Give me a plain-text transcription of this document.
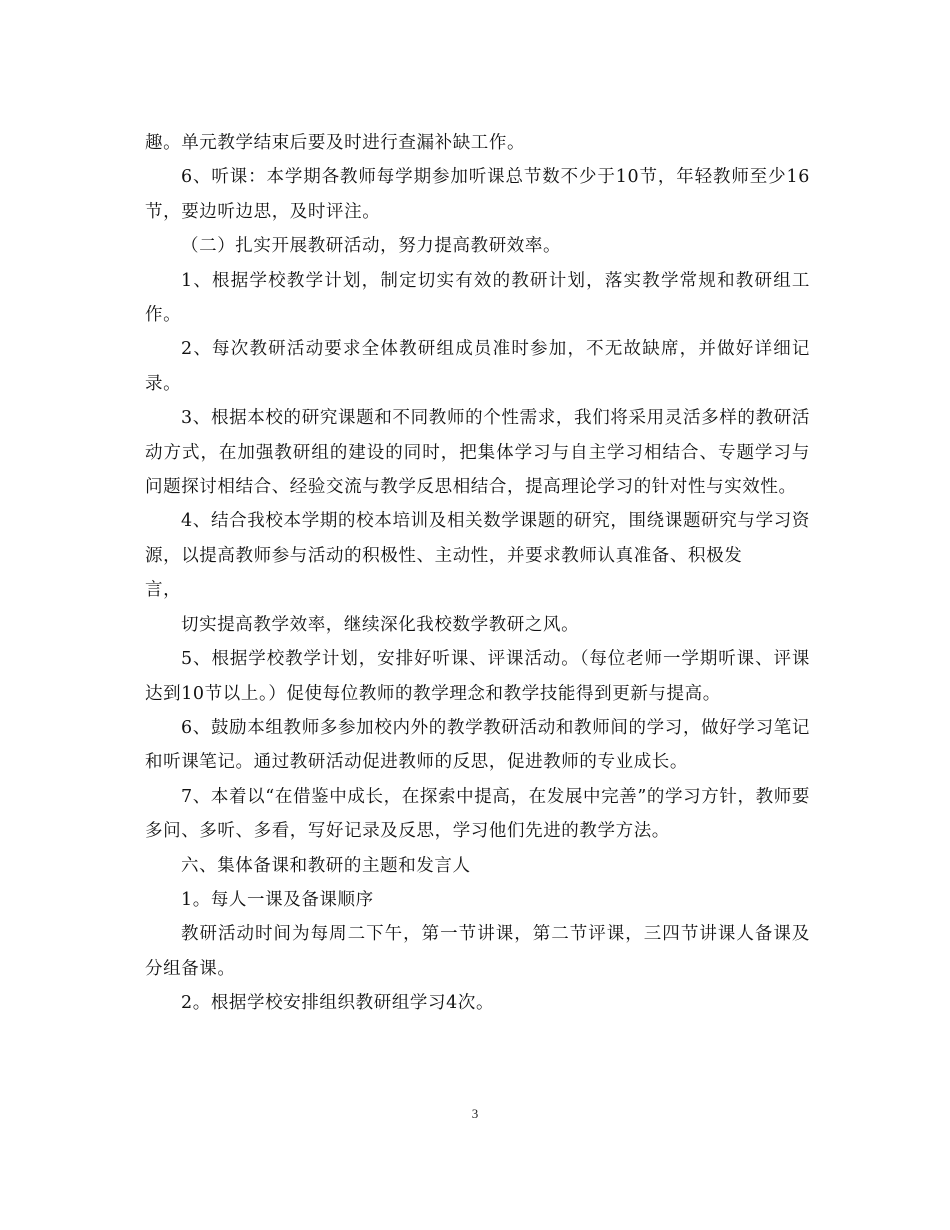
趣。单元教学结束后要及时进行查漏补缺工作。

6、听课：本学期各教师每学期参加听课总节数不少于10节，年轻教师至少16节，要边听边思，及时评注。

（二）扎实开展教研活动，努力提高教研效率。

1、根据学校教学计划，制定切实有效的教研计划，落实教学常规和教研组工作。

2、每次教研活动要求全体教研组成员准时参加，不无故缺席，并做好详细记录。

3、根据本校的研究课题和不同教师的个性需求，我们将采用灵活多样的教研活动方式，在加强教研组的建设的同时，把集体学习与自主学习相结合、专题学习与问题探讨相结合、经验交流与教学反思相结合，提高理论学习的针对性与实效性。

4、结合我校本学期的校本培训及相关数学课题的研究，围绕课题研究与学习资源，以提高教师参与活动的积极性、主动性，并要求教师认真准备、积极发

言，

切实提高教学效率，继续深化我校数学教研之风。

5、根据学校教学计划，安排好听课、评课活动。（每位老师一学期听课、评课达到10节以上。）促使每位教师的教学理念和教学技能得到更新与提高。

6、鼓励本组教师多参加校内外的教学教研活动和教师间的学习，做好学习笔记和听课笔记。通过教研活动促进教师的反思，促进教师的专业成长。

7、本着以“在借鉴中成长，在探索中提高，在发展中完善”的学习方针，教师要多问、多听、多看，写好记录及反思，学习他们先进的教学方法。

六、集体备课和教研的主题和发言人

1。每人一课及备课顺序

教研活动时间为每周二下午，第一节讲课，第二节评课，三四节讲课人备课及分组备课。

2。根据学校安排组织教研组学习4次。

3
